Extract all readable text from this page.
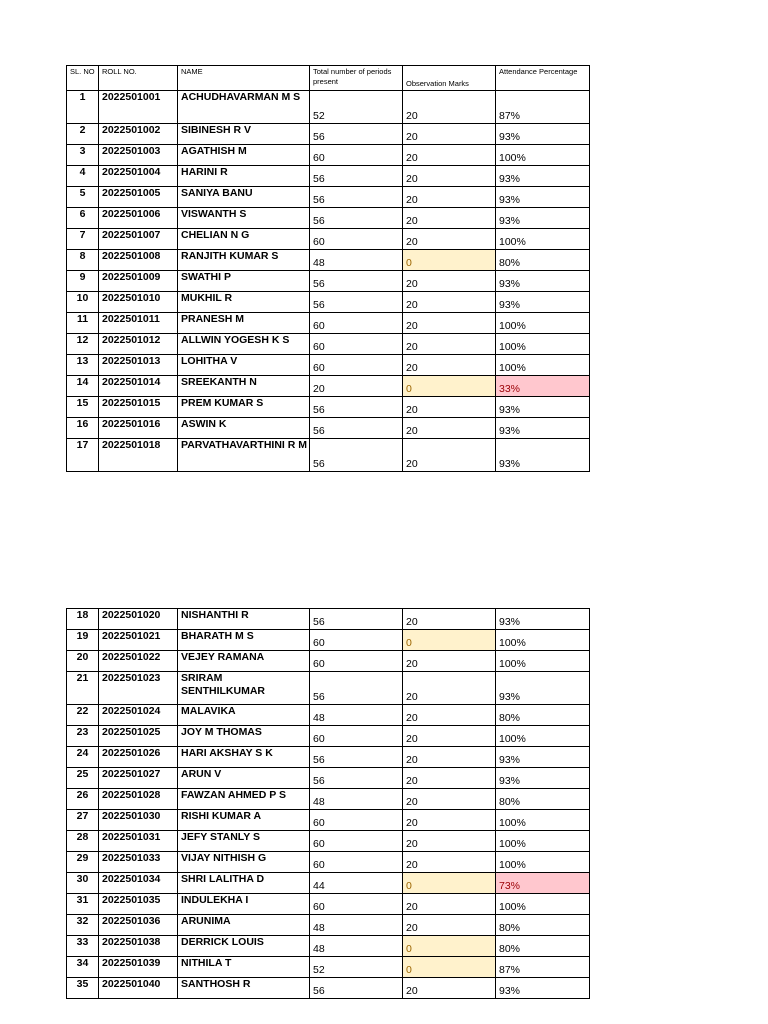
SL. NO	ROLL NO.	NAME	Total number of periods present	Observation Marks	Attendance Percentage
1	2022501001	ACHUDHAVARMAN M S	52	20	87%
2	2022501002	SIBINESH R V	56	20	93%
3	2022501003	AGATHISH M	60	20	100%
4	2022501004	HARINI R	56	20	93%
5	2022501005	SANIYA BANU	56	20	93%
6	2022501006	VISWANTH S	56	20	93%
7	2022501007	CHELIAN N G	60	20	100%
8	2022501008	RANJITH KUMAR S	48	0	80%
9	2022501009	SWATHI P	56	20	93%
10	2022501010	MUKHIL R	56	20	93%
11	2022501011	PRANESH M	60	20	100%
12	2022501012	ALLWIN YOGESH K S	60	20	100%
13	2022501013	LOHITHA V	60	20	100%
14	2022501014	SREEKANTH N	20	0	33%
15	2022501015	PREM KUMAR S	56	20	93%
16	2022501016	ASWIN K	56	20	93%
17	2022501018	PARVATHAVARTHINI R M	56	20	93%
18	2022501020	NISHANTHI R	56	20	93%
19	2022501021	BHARATH M S	60	0	100%
20	2022501022	VEJEY RAMANA	60	20	100%
21	2022501023	SRIRAM SENTHILKUMAR	56	20	93%
22	2022501024	MALAVIKA	48	20	80%
23	2022501025	JOY M THOMAS	60	20	100%
24	2022501026	HARI AKSHAY S K	56	20	93%
25	2022501027	ARUN V	56	20	93%
26	2022501028	FAWZAN AHMED P S	48	20	80%
27	2022501030	RISHI KUMAR A	60	20	100%
28	2022501031	JEFY STANLY S	60	20	100%
29	2022501033	VIJAY NITHISH G	60	20	100%
30	2022501034	SHRI LALITHA D	44	0	73%
31	2022501035	INDULEKHA I	60	20	100%
32	2022501036	ARUNIMA	48	20	80%
33	2022501038	DERRICK LOUIS	48	0	80%
34	2022501039	NITHILA T	52	0	87%
35	2022501040	SANTHOSH R	56	20	93%
